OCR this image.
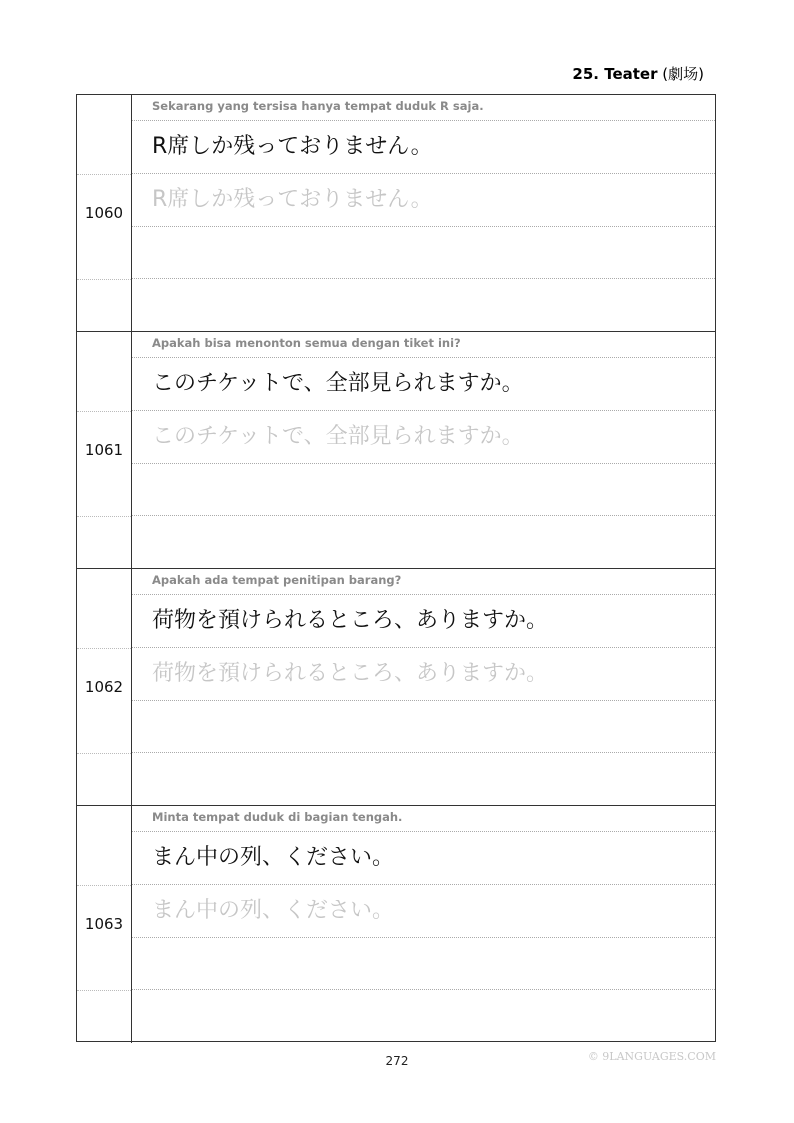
25. Teater (劇场)
1060
Sekarang yang tersisa hanya tempat duduk R saja.
R席しか残っておりません。
R席しか残っておりません。
1061
Apakah bisa menonton semua dengan tiket ini?
このチケットで、全部見られますか。
このチケットで、全部見られますか。
1062
Apakah ada tempat penitipan barang?
荷物を預けられるところ、ありますか。
荷物を預けられるところ、ありますか。
1063
Minta tempat duduk di bagian tengah.
まん中の列、ください。
まん中の列、ください。
272	© 9LANGUAGES.COM
